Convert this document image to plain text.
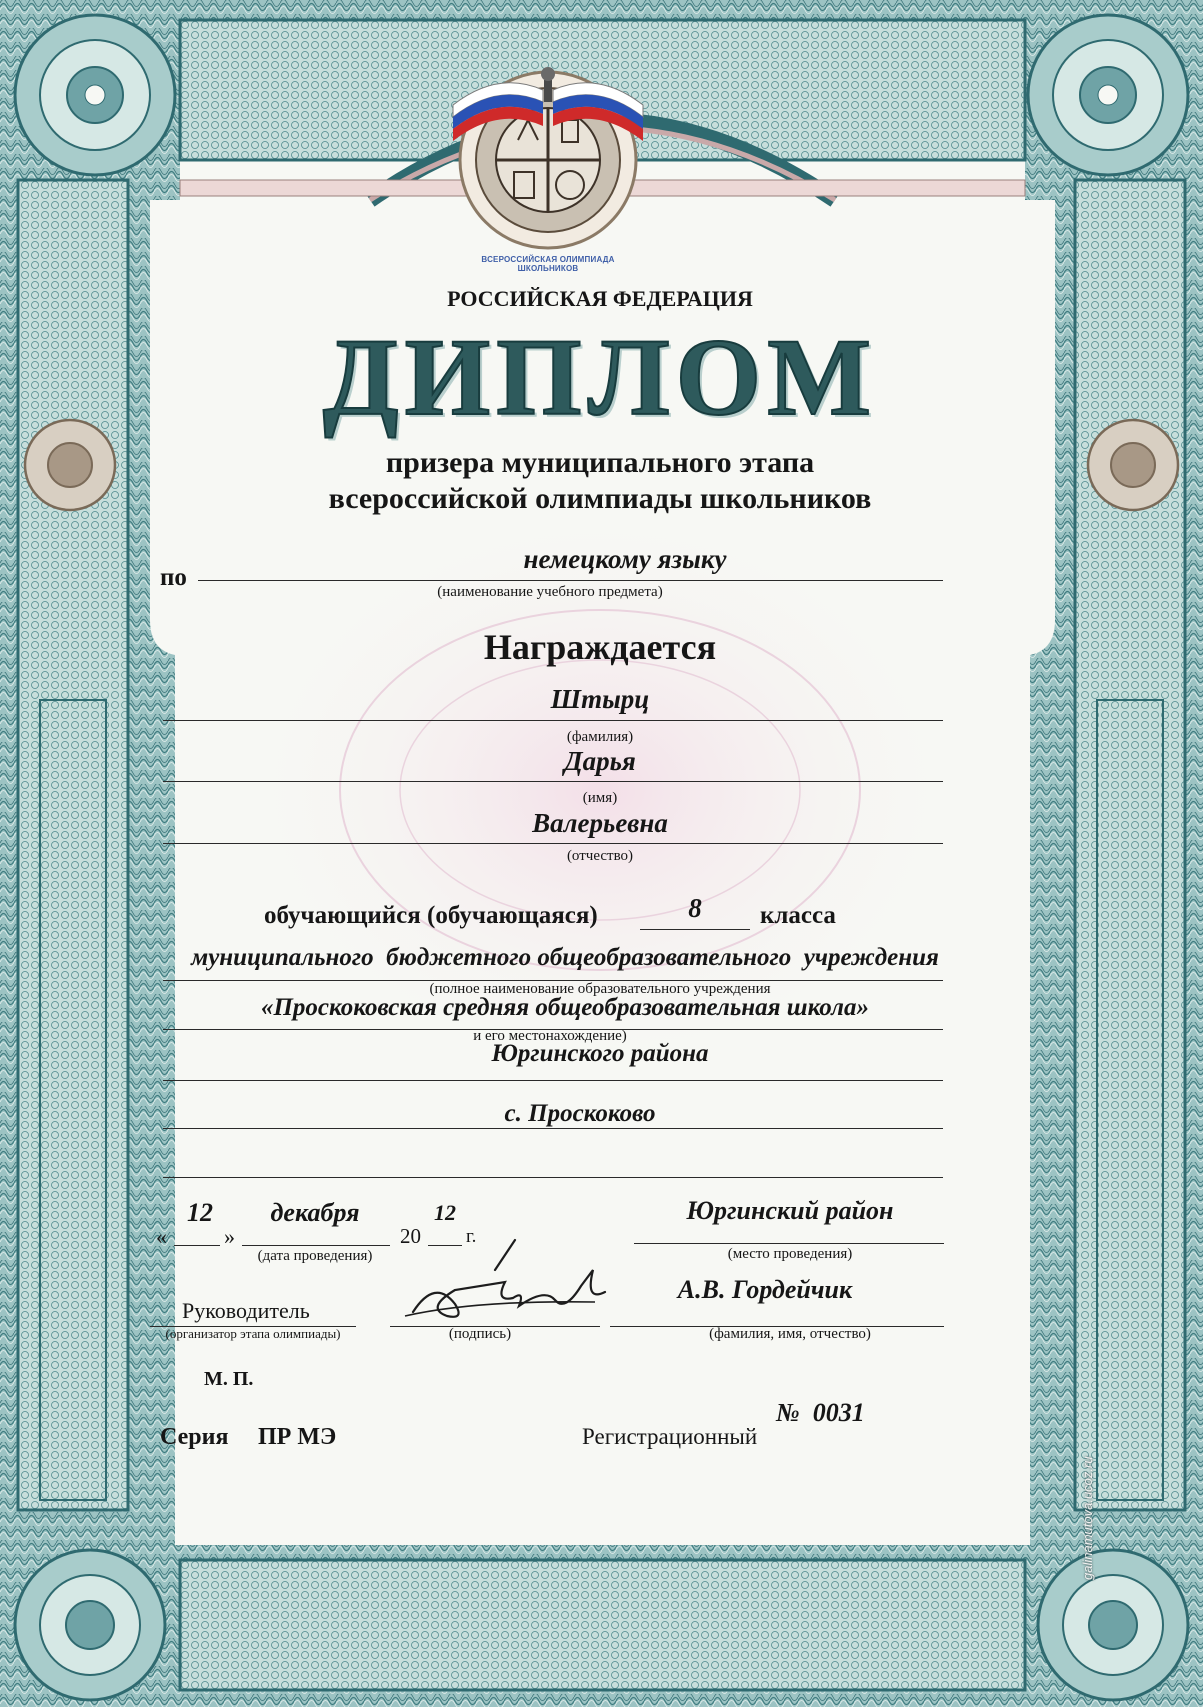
ВСЕРОССИЙСКАЯ ОЛИМПИАДА ШКОЛЬНИКОВ
РОССИЙСКАЯ ФЕДЕРАЦИЯ
ДИПЛОМ
призера муниципального этапа
всероссийской олимпиады школьников
по
немецкому языку
(наименование учебного предмета)
Награждается
Штырц
(фамилия)
Дарья
(имя)
Валерьевна
(отчество)
обучающийся (обучающаяся)	8	класса
муниципального  бюджетного общеобразовательного  учреждения
(полное наименование образовательного учреждения
«Проскоковская средняя общеобразовательная школа»
и его местонахождение)
Юргинского района
с. Проскоково
«
12
»
декабря
(дата проведения)
20
12
г.
Юргинский район
(место проведения)
Руководитель
(организатор этапа олимпиады)	(подпись)
А.В. Гордейчик
(фамилия, имя, отчество)
М. П.
Серия ПР МЭ	Регистрационный
№  0031
galinamutova.ucoz.ru
